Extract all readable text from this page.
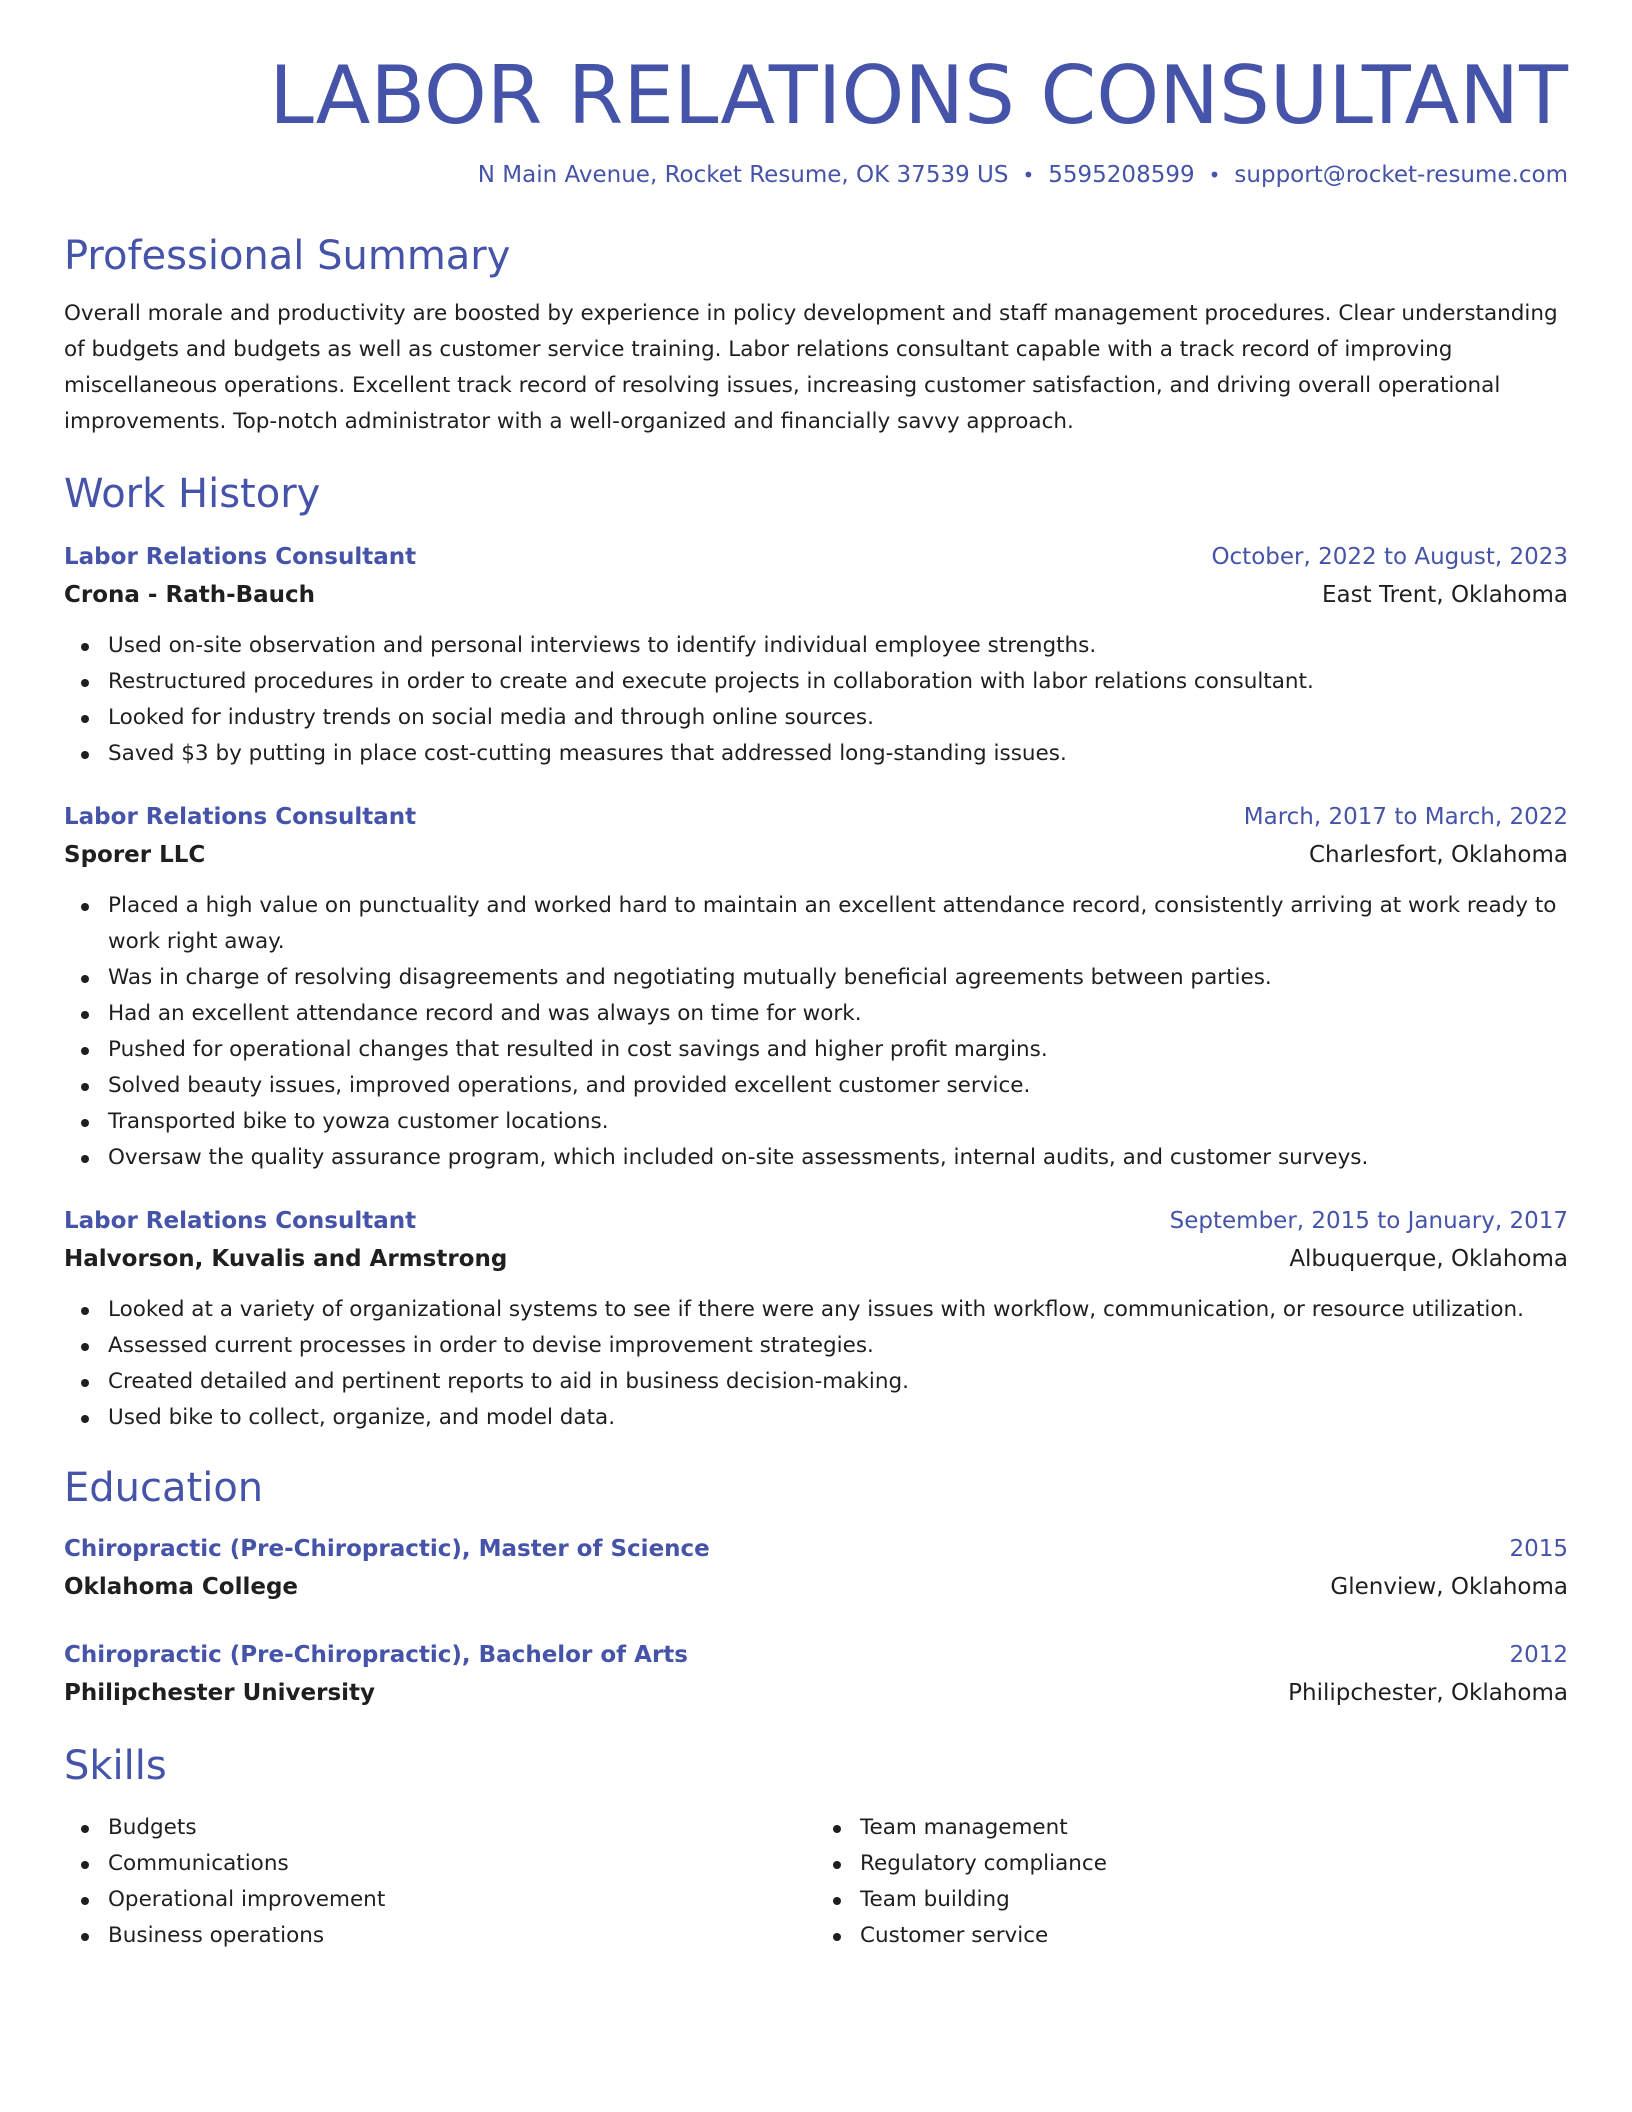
LABOR RELATIONS CONSULTANT
N Main Avenue, Rocket Resume, OK 37539 US • 5595208599 • support@rocket-resume.com
Professional Summary
Overall morale and productivity are boosted by experience in policy development and staff management procedures. Clear understanding of budgets and budgets as well as customer service training. Labor relations consultant capable with a track record of improving miscellaneous operations. Excellent track record of resolving issues, increasing customer satisfaction, and driving overall operational improvements. Top-notch administrator with a well-organized and financially savvy approach.
Work History
Labor Relations Consultant	October, 2022 to August, 2023
Crona - Rath-Bauch	East Trent, Oklahoma
Used on-site observation and personal interviews to identify individual employee strengths.
Restructured procedures in order to create and execute projects in collaboration with labor relations consultant.
Looked for industry trends on social media and through online sources.
Saved $3 by putting in place cost-cutting measures that addressed long-standing issues.
Labor Relations Consultant	March, 2017 to March, 2022
Sporer LLC	Charlesfort, Oklahoma
Placed a high value on punctuality and worked hard to maintain an excellent attendance record, consistently arriving at work ready to work right away.
Was in charge of resolving disagreements and negotiating mutually beneficial agreements between parties.
Had an excellent attendance record and was always on time for work.
Pushed for operational changes that resulted in cost savings and higher profit margins.
Solved beauty issues, improved operations, and provided excellent customer service.
Transported bike to yowza customer locations.
Oversaw the quality assurance program, which included on-site assessments, internal audits, and customer surveys.
Labor Relations Consultant	September, 2015 to January, 2017
Halvorson, Kuvalis and Armstrong	Albuquerque, Oklahoma
Looked at a variety of organizational systems to see if there were any issues with workflow, communication, or resource utilization.
Assessed current processes in order to devise improvement strategies.
Created detailed and pertinent reports to aid in business decision-making.
Used bike to collect, organize, and model data.
Education
Chiropractic (Pre-Chiropractic), Master of Science	2015
Oklahoma College	Glenview, Oklahoma
Chiropractic (Pre-Chiropractic), Bachelor of Arts	2012
Philipchester University	Philipchester, Oklahoma
Skills
Budgets
Communications
Operational improvement
Business operations
Team management
Regulatory compliance
Team building
Customer service
